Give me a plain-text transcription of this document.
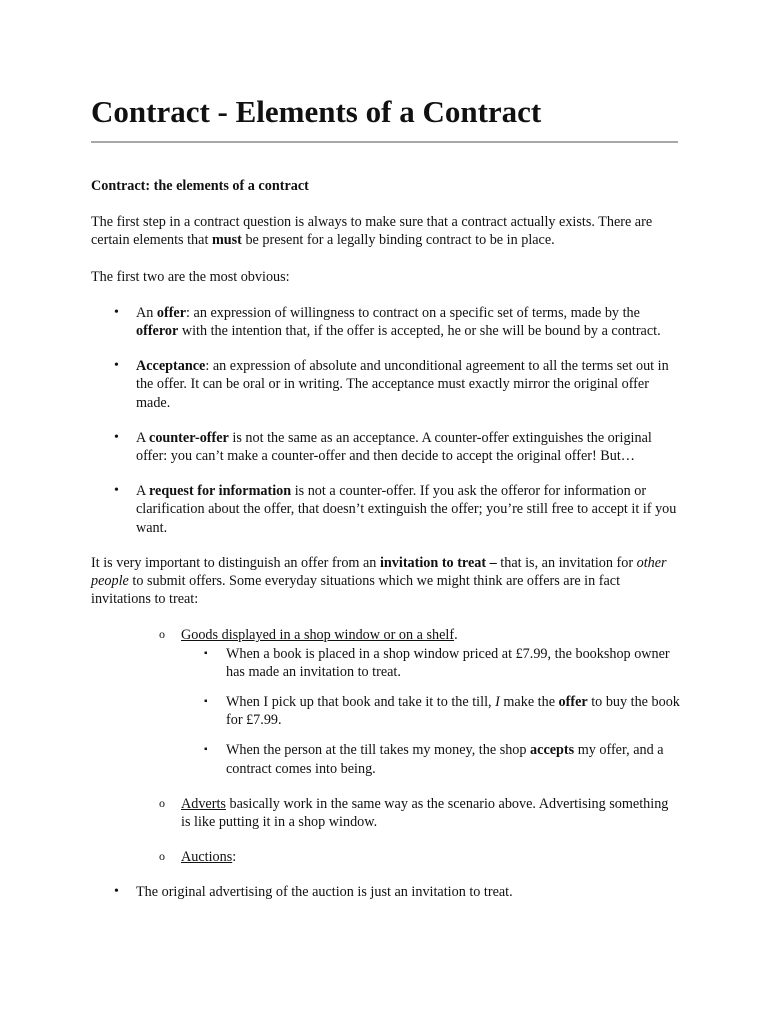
Contract - Elements of a Contract

Contract: the elements of a contract

The first step in a contract question is always to make sure that a contract actually exists. There are certain elements that must be present for a legally binding contract to be in place.

The first two are the most obvious:

• An offer: an expression of willingness to contract on a specific set of terms, made by the offeror with the intention that, if the offer is accepted, he or she will be bound by a contract.
• Acceptance: an expression of absolute and unconditional agreement to all the terms set out in the offer. It can be oral or in writing. The acceptance must exactly mirror the original offer made.
• A counter-offer is not the same as an acceptance. A counter-offer extinguishes the original offer: you can’t make a counter-offer and then decide to accept the original offer! But…
• A request for information is not a counter-offer. If you ask the offeror for information or clarification about the offer, that doesn’t extinguish the offer; you’re still free to accept it if you want.

It is very important to distinguish an offer from an invitation to treat – that is, an invitation for other people to submit offers. Some everyday situations which we might think are offers are in fact invitations to treat:

o Goods displayed in a shop window or on a shelf.
▪ When a book is placed in a shop window priced at £7.99, the bookshop owner has made an invitation to treat.
▪ When I pick up that book and take it to the till, I make the offer to buy the book for £7.99.
▪ When the person at the till takes my money, the shop accepts my offer, and a contract comes into being.
o Adverts basically work in the same way as the scenario above. Advertising something is like putting it in a shop window.
o Auctions:
• The original advertising of the auction is just an invitation to treat.
